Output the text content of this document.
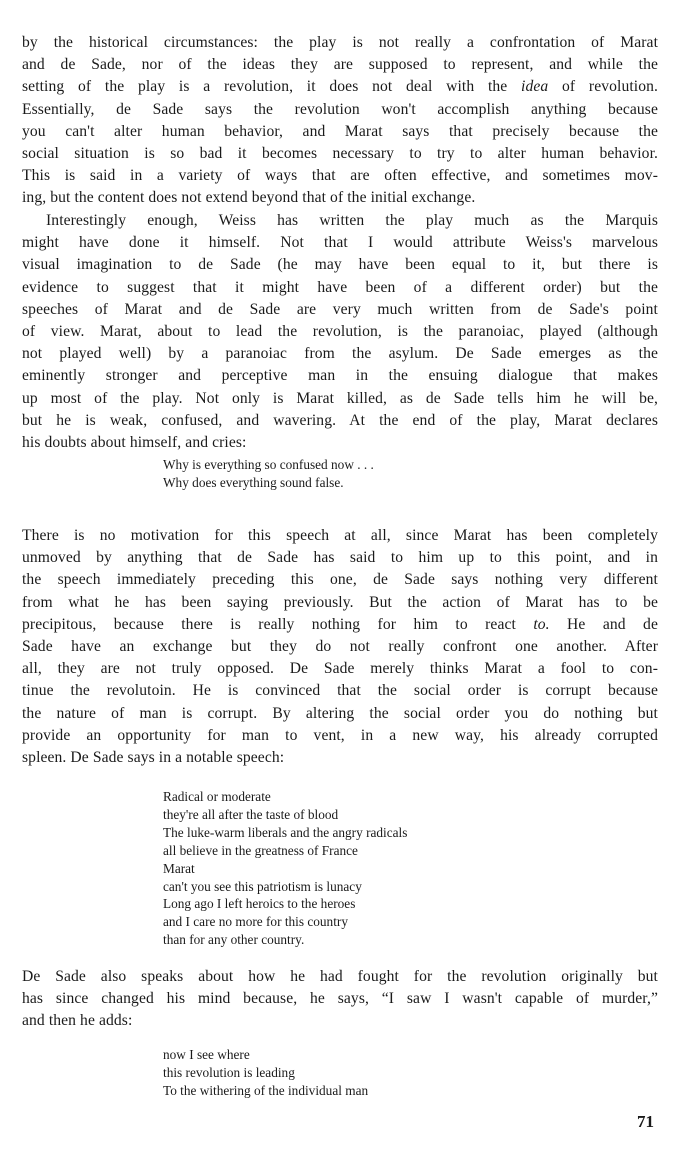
by the historical circumstances: the play is not really a confrontation of Marat
and de Sade, nor of the ideas they are supposed to represent, and while the
setting of the play is a revolution, it does not deal with the idea of revolution.
Essentially, de Sade says the revolution won't accomplish anything because
you can't alter human behavior, and Marat says that precisely because the
social situation is so bad it becomes necessary to try to alter human behavior.
This is said in a variety of ways that are often effective, and sometimes mov-
ing, but the content does not extend beyond that of the initial exchange.
Interestingly enough, Weiss has written the play much as the Marquis
might have done it himself. Not that I would attribute Weiss's marvelous
visual imagination to de Sade (he may have been equal to it, but there is
evidence to suggest that it might have been of a different order) but the
speeches of Marat and de Sade are very much written from de Sade's point
of view. Marat, about to lead the revolution, is the paranoiac, played (although
not played well) by a paranoiac from the asylum. De Sade emerges as the
eminently stronger and perceptive man in the ensuing dialogue that makes
up most of the play. Not only is Marat killed, as de Sade tells him he will be,
but he is weak, confused, and wavering. At the end of the play, Marat declares
his doubts about himself, and cries:
Why is everything so confused now . . .
Why does everything sound false.
There is no motivation for this speech at all, since Marat has been completely
unmoved by anything that de Sade has said to him up to this point, and in
the speech immediately preceding this one, de Sade says nothing very different
from what he has been saying previously. But the action of Marat has to be
precipitous, because there is really nothing for him to react to. He and de
Sade have an exchange but they do not really confront one another. After
all, they are not truly opposed. De Sade merely thinks Marat a fool to con-
tinue the revolutoin. He is convinced that the social order is corrupt because
the nature of man is corrupt. By altering the social order you do nothing but
provide an opportunity for man to vent, in a new way, his already corrupted
spleen. De Sade says in a notable speech:
Radical or moderate
they're all after the taste of blood
The luke-warm liberals and the angry radicals
all believe in the greatness of France
Marat
can't you see this patriotism is lunacy
Long ago I left heroics to the heroes
and I care no more for this country
than for any other country.
De Sade also speaks about how he had fought for the revolution originally but
has since changed his mind because, he says, “I saw I wasn't capable of murder,”
and then he adds:
now I see where
this revolution is leading
To the withering of the individual man
71
